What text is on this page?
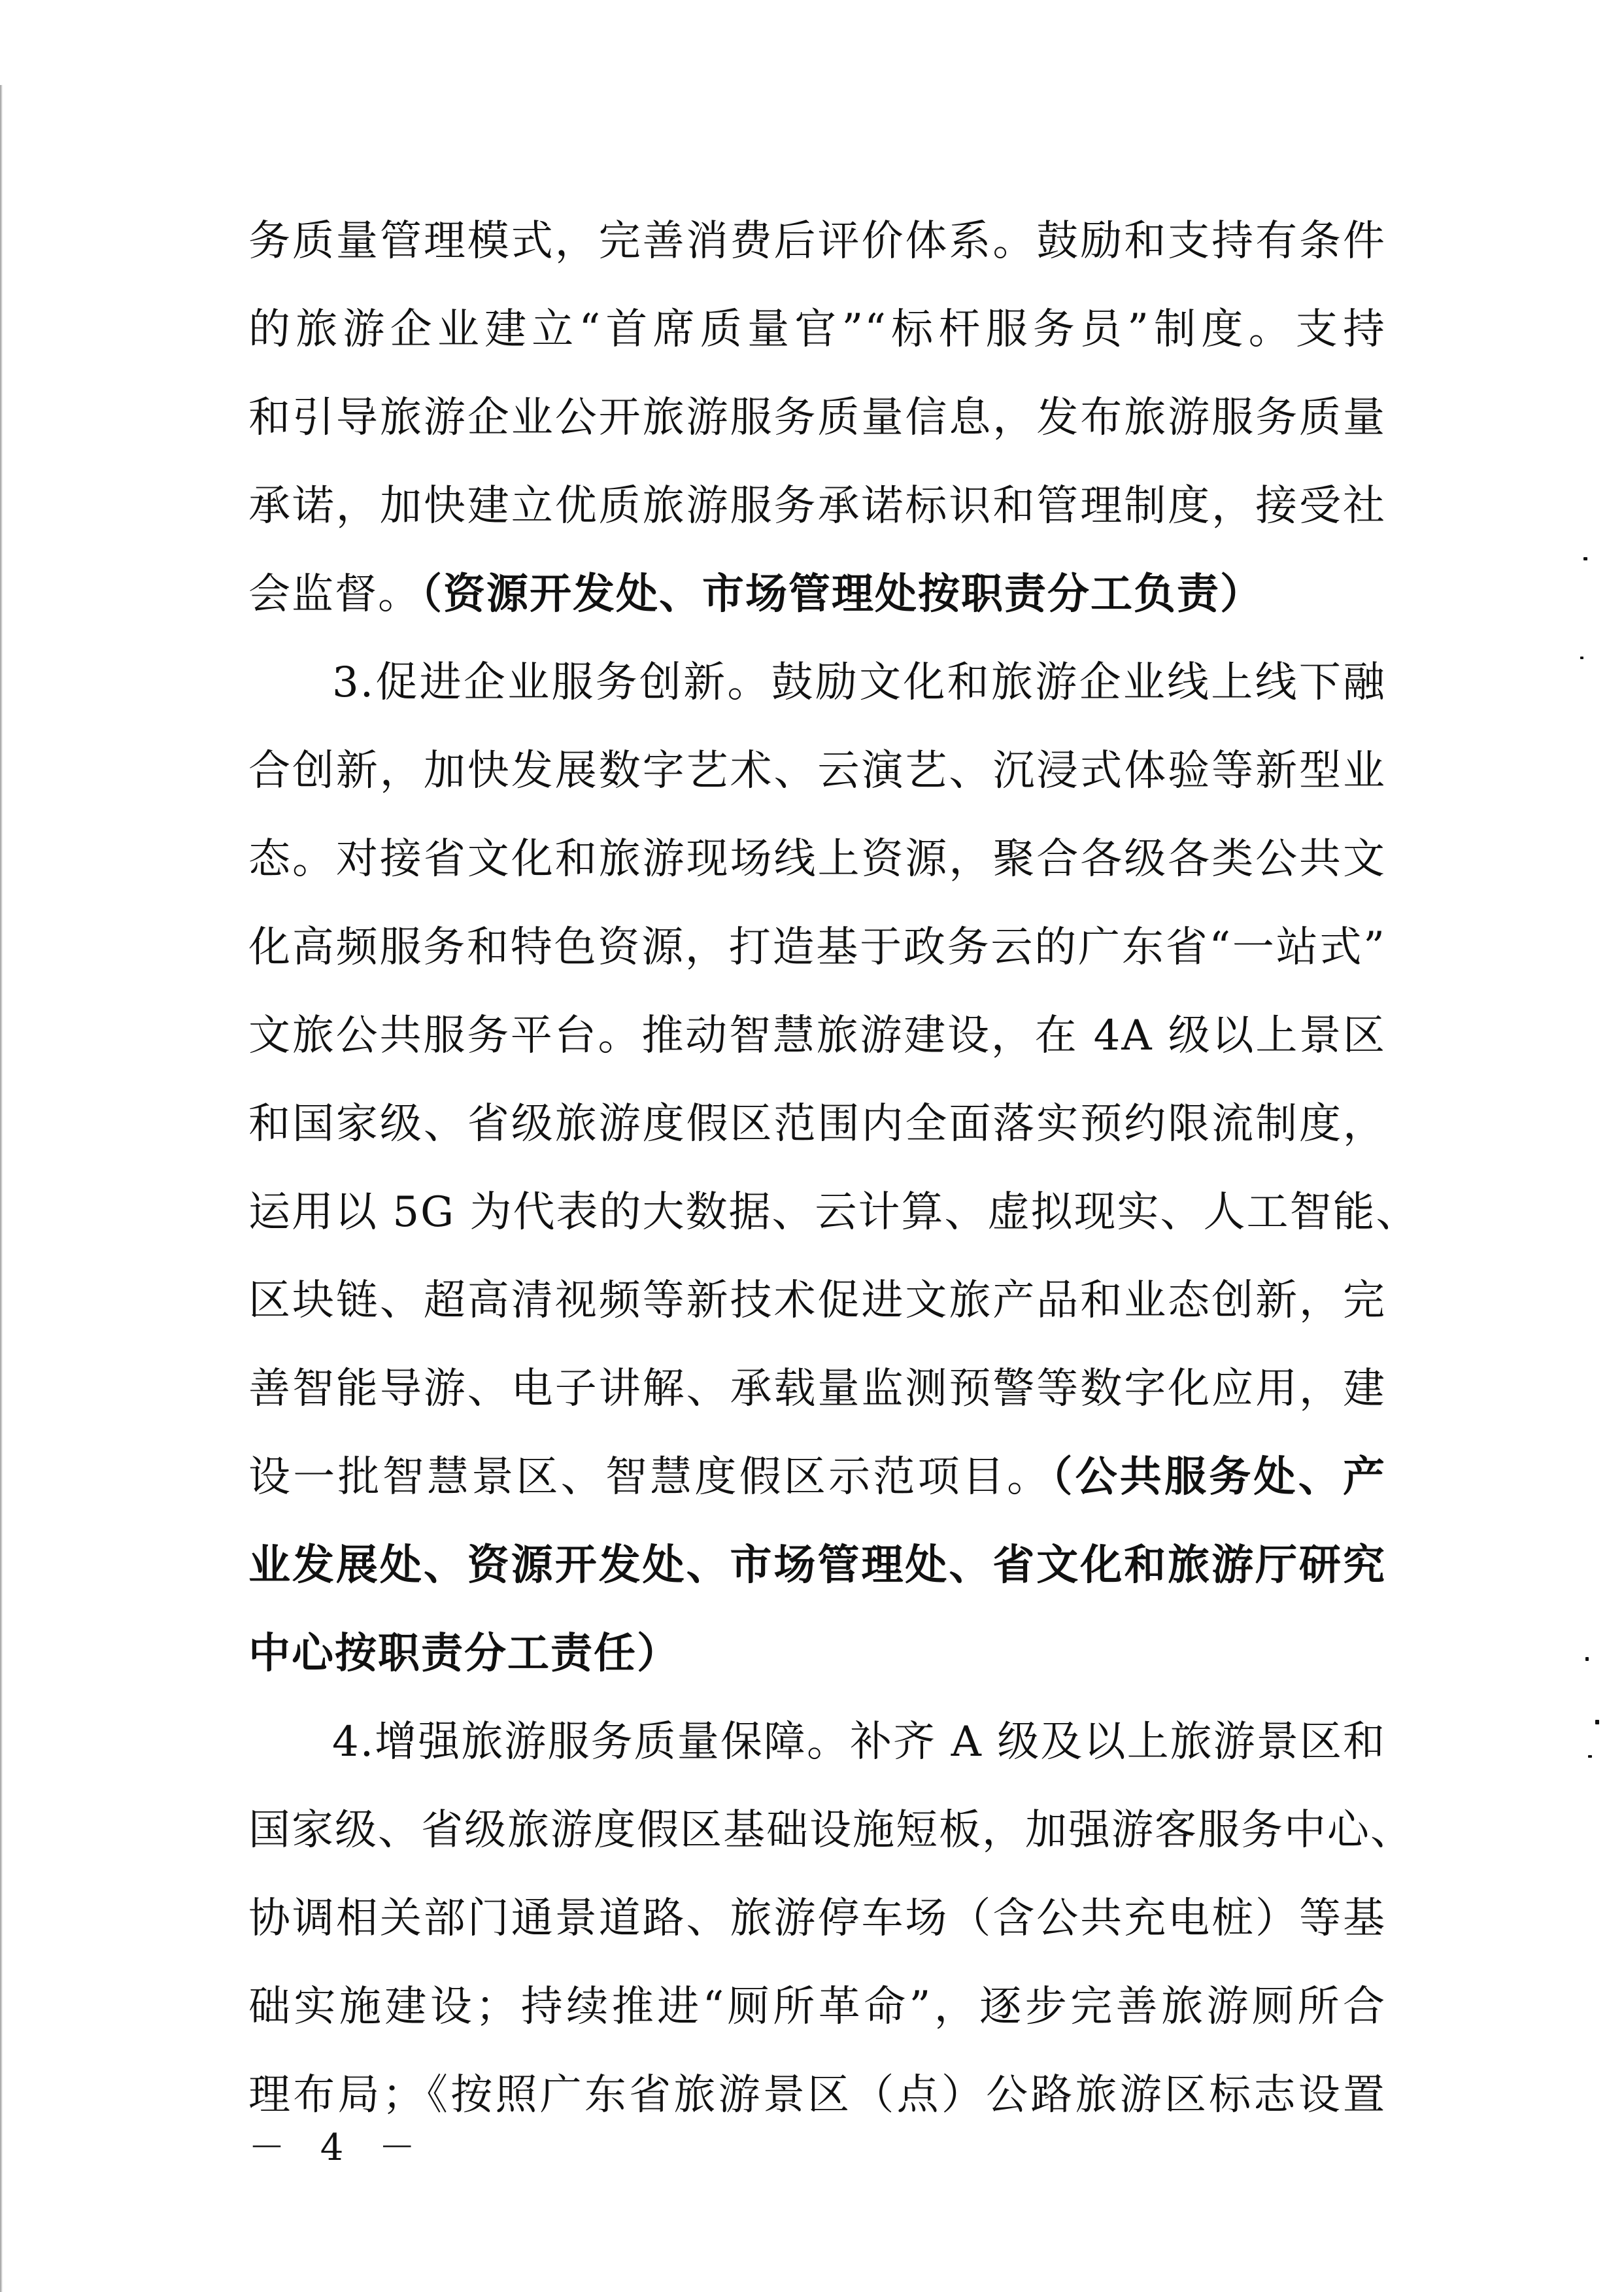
务质量管理模式，完善消费后评价体系。鼓励和支持有条件
的旅游企业建立“首席质量官”“标杆服务员”制度。支持
和引导旅游企业公开旅游服务质量信息，发布旅游服务质量
承诺，加快建立优质旅游服务承诺标识和管理制度，接受社
会监督。（资源开发处、市场管理处按职责分工负责）
3.促进企业服务创新。鼓励文化和旅游企业线上线下融
合创新，加快发展数字艺术、云演艺、沉浸式体验等新型业
态。对接省文化和旅游现场线上资源，聚合各级各类公共文
化高频服务和特色资源，打造基于政务云的广东省“一站式”
文旅公共服务平台。推动智慧旅游建设，在 4A 级以上景区
和国家级、省级旅游度假区范围内全面落实预约限流制度，
运用以 5G 为代表的大数据、云计算、虚拟现实、人工智能、
区块链、超高清视频等新技术促进文旅产品和业态创新，完
善智能导游、电子讲解、承载量监测预警等数字化应用，建
设一批智慧景区、智慧度假区示范项目。（公共服务处、产
业发展处、资源开发处、市场管理处、省文化和旅游厅研究
中心按职责分工责任）
4.增强旅游服务质量保障。补齐 A 级及以上旅游景区和
国家级、省级旅游度假区基础设施短板，加强游客服务中心、
协调相关部门通景道路、旅游停车场（含公共充电桩）等基
础实施建设；持续推进“厕所革命”，逐步完善旅游厕所合
理布局；《按照广东省旅游景区（点）公路旅游区标志设置
－ 4 －
